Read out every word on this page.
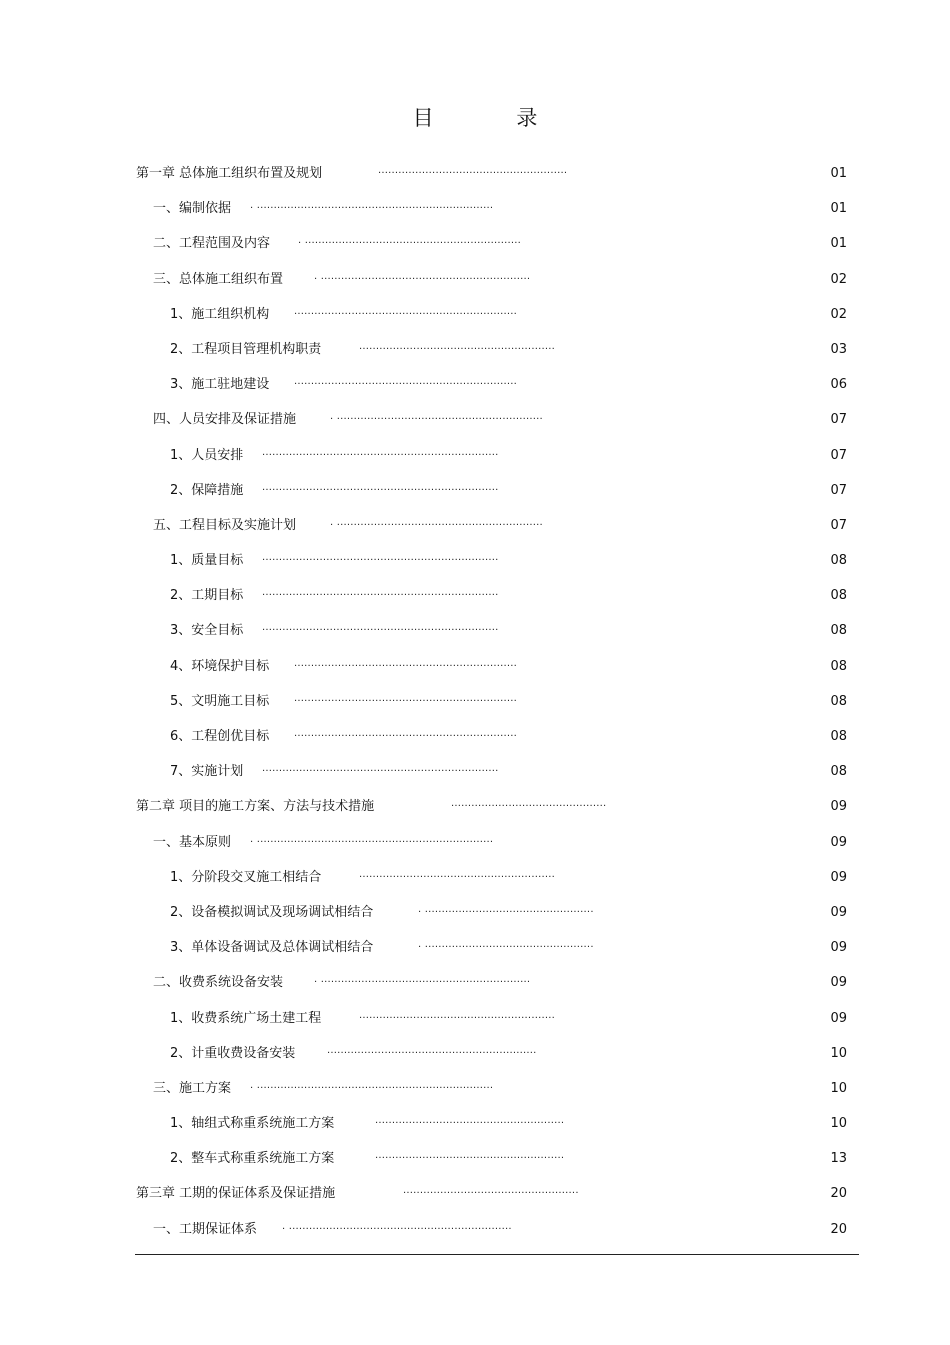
目 录
第一章 总体施工组织布置及规划	........................................................	01
一、编制依据 . ......................................................................	01
二、工程范围及内容	. ................................................................	01
三、总体施工组织布置	. ..............................................................	02
1、施工组织机构 ..................................................................	02
2、工程项目管理机构职责	..........................................................	03
3、施工驻地建设 ..................................................................	06
四、人员安排及保证措施	. .............................................................	07
1、人员安排 ......................................................................	07
2、保障措施 ......................................................................	07
五、工程目标及实施计划	. .............................................................	07
1、质量目标 ......................................................................	08
2、工期目标 ......................................................................	08
3、安全目标 ......................................................................	08
4、环境保护目标 ..................................................................	08
5、文明施工目标 ..................................................................	08
6、工程创优目标 ..................................................................	08
7、实施计划 ......................................................................	08
第二章 项目的施工方案、方法与技术措施	..............................................	09
一、基本原则 . ......................................................................	09
1、分阶段交叉施工相结合	..........................................................	09
2、设备模拟调试及现场调试相结合	. ..................................................	09
3、单体设备调试及总体调试相结合	. ..................................................	09
二、收费系统设备安装	. ..............................................................	09
1、收费系统广场土建工程	..........................................................	09
2、计重收费设备安装	..............................................................	10
三、施工方案 . ......................................................................	10
1、轴组式称重系统施工方案	........................................................	10
2、整车式称重系统施工方案	........................................................	13
第三章 工期的保证体系及保证措施	....................................................	20
一、工期保证体系 . ..................................................................	20
